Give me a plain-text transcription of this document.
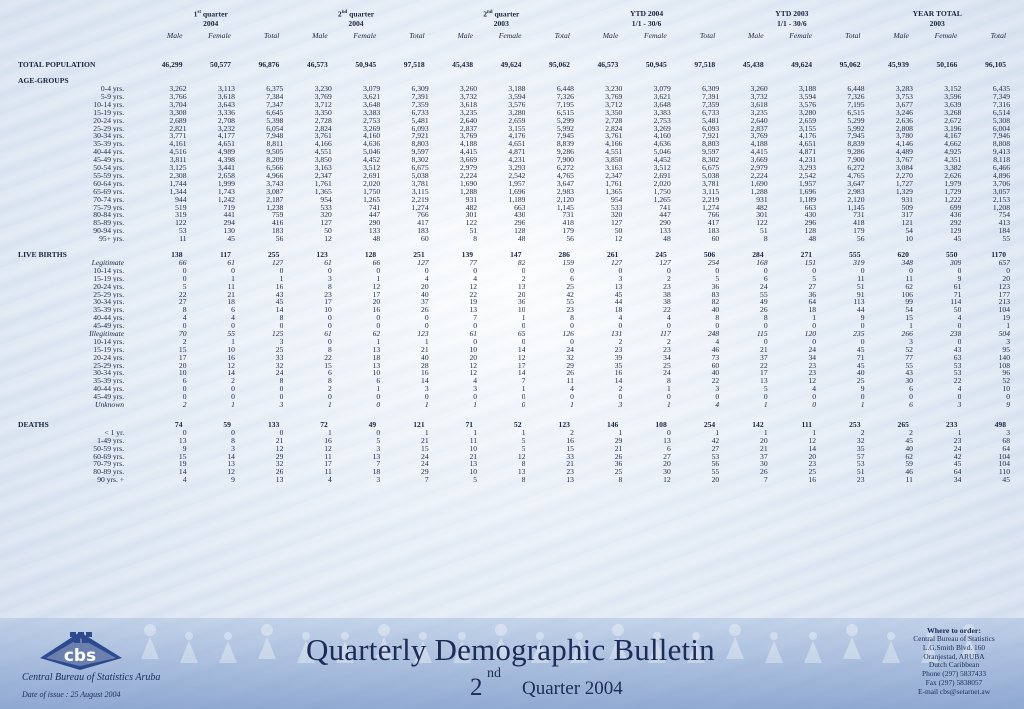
	1st quarter			2nd quarter			2nd quarter			YTD 2004			YTD 2003			YEAR TOTAL		
	2004			2004			2003			1/1 - 30/6			1/1 - 30/6			2003		
	Male	Female	Total	Male	Female	Total	Male	Female	Total	Male	Female	Total	Male	Female	Total	Male	Female	Total
TOTAL POPULATION	46,299	50,577	96,876	46,573	50,945	97,518	45,438	49,624	95,062	46,573	50,945	97,518	45,438	49,624	95,062	45,939	50,166	96,105
AGE-GROUPS																		
0-4 yrs.	3,262	3,113	6,375	3,230	3,079	6,309	3,260	3,188	6,448	3,230	3,079	6,309	3,260	3,188	6,448	3,283	3,152	6,435
5-9 yrs.	3,766	3,618	7,384	3,769	3,621	7,391	3,732	3,594	7,326	3,769	3,621	7,391	3,732	3,594	7,326	3,753	3,596	7,349
10-14 yrs.	3,704	3,643	7,347	3,712	3,648	7,359	3,618	3,576	7,195	3,712	3,648	7,359	3,618	3,576	7,195	3,677	3,639	7,316
15-19 yrs.	3,308	3,336	6,645	3,350	3,383	6,733	3,235	3,280	6,515	3,350	3,383	6,733	3,235	3,280	6,515	3,246	3,268	6,514
20-24 yrs.	2,689	2,708	5,398	2,728	2,753	5,481	2,640	2,659	5,299	2,728	2,753	5,481	2,640	2,659	5,299	2,636	2,672	5,308
25-29 yrs.	2,821	3,232	6,054	2,824	3,269	6,093	2,837	3,155	5,992	2,824	3,269	6,093	2,837	3,155	5,992	2,808	3,196	6,004
30-34 yrs.	3,771	4,177	7,948	3,761	4,160	7,921	3,769	4,176	7,945	3,761	4,160	7,921	3,769	4,176	7,945	3,780	4,167	7,946
35-39 yrs.	4,161	4,651	8,811	4,166	4,636	8,803	4,188	4,651	8,839	4,166	4,636	8,803	4,188	4,651	8,839	4,146	4,662	8,808
40-44 yrs.	4,516	4,989	9,505	4,551	5,046	9,597	4,415	4,871	9,286	4,551	5,046	9,597	4,415	4,871	9,286	4,489	4,925	9,413
45-49 yrs.	3,811	4,398	8,209	3,850	4,452	8,302	3,669	4,231	7,900	3,850	4,452	8,302	3,669	4,231	7,900	3,767	4,351	8,118
50-54 yrs.	3,125	3,441	6,566	3,163	3,512	6,675	2,979	3,293	6,272	3,163	3,512	6,675	2,979	3,293	6,272	3,084	3,382	6,466
55-59 yrs.	2,308	2,658	4,966	2,347	2,691	5,038	2,224	2,542	4,765	2,347	2,691	5,038	2,224	2,542	4,765	2,270	2,626	4,896
60-64 yrs.	1,744	1,999	3,743	1,761	2,020	3,781	1,690	1,957	3,647	1,761	2,020	3,781	1,690	1,957	3,647	1,727	1,979	3,706
65-69 yrs.	1,344	1,743	3,087	1,365	1,750	3,115	1,288	1,696	2,983	1,365	1,750	3,115	1,288	1,696	2,983	1,329	1,729	3,057
70-74 yrs.	944	1,242	2,187	954	1,265	2,219	931	1,189	2,120	954	1,265	2,219	931	1,189	2,120	931	1,222	2,153
75-79 yrs.	519	719	1,238	533	741	1,274	482	663	1,145	533	741	1,274	482	663	1,145	509	699	1,208
80-84 yrs.	319	441	759	320	447	766	301	430	731	320	447	766	301	430	731	317	436	754
85-89 yrs.	122	294	416	127	290	417	122	296	418	127	290	417	122	296	418	121	292	413
90-94 yrs.	53	130	183	50	133	183	51	128	179	50	133	183	51	128	179	54	129	184
95+ yrs.	11	45	56	12	48	60	8	48	56	12	48	60	8	48	56	10	45	55
LIVE BIRTHS	138	117	255	123	128	251	139	147	286	261	245	506	284	271	555	620	550	1170
Legitimate	66	61	127	61	66	127	77	82	159	127	127	254	168	151	319	348	309	657
10-14 yrs.	0	0	0	0	0	0	0	0	0	0	0	0	0	0	0	0	0	0
15-19 yrs.	0	1	1	3	1	4	4	2	6	3	2	5	6	5	11	11	9	20
20-24 yrs.	5	11	16	8	12	20	12	13	25	13	23	36	24	27	51	62	61	123
25-29 yrs.	22	21	43	23	17	40	22	20	42	45	38	83	55	36	91	106	71	177
30-34 yrs.	27	18	45	17	20	37	19	36	55	44	38	82	49	64	113	99	114	213
35-39 yrs.	8	6	14	10	16	26	13	10	23	18	22	40	26	18	44	54	50	104
40-44 yrs.	4	4	8	0	0	0	7	1	8	4	4	8	8	1	9	15	4	19
45-49 yrs.	0	0	0	0	0	0	0	0	0	0	0	0	0	0	0	1	0	1
Illegitimate	70	55	125	61	62	123	61	65	126	131	117	248	115	120	235	266	238	504
10-14 yrs.	2	1	3	0	1	1	0	0	0	2	2	4	0	0	0	3	0	3
15-19 yrs.	15	10	25	8	13	21	10	14	24	23	23	46	21	24	45	52	43	95
20-24 yrs.	17	16	33	22	18	40	20	12	32	39	34	73	37	34	71	77	63	140
25-29 yrs.	20	12	32	15	13	28	12	17	29	35	25	60	22	23	45	55	53	108
30-34 yrs.	10	14	24	6	10	16	12	14	26	16	24	40	17	23	40	43	53	96
35-39 yrs.	6	2	8	8	6	14	4	7	11	14	8	22	13	12	25	30	22	52
40-44 yrs.	0	0	0	2	1	3	3	1	4	2	1	3	5	4	9	6	4	10
45-49 yrs.	0	0	0	0	0	0	0	0	0	0	0	0	0	0	0	0	0	0
Unknown	2	1	3	1	0	1	1	0	1	3	1	4	1	0	1	6	3	9

DEATHS	74	59	133	72	49	121	71	52	123	146	108	254	142	111	253	265	233	498
< 1 yr.	0	0	0	1	0	1	1	1	2	1	0	1	1	1	2	2	1	3
1-49 yrs.	13	8	21	16	5	21	11	5	16	29	13	42	20	12	32	45	23	68
50-59 yrs.	9	3	12	12	3	15	10	5	15	21	6	27	21	14	35	40	24	64
60-69 yrs.	15	14	29	11	13	24	21	12	33	26	27	53	37	20	57	62	42	104
70-79 yrs.	19	13	32	17	7	24	13	8	21	36	20	56	30	23	53	59	45	104
80-89 yrs.	14	12	26	11	18	29	10	13	23	25	30	55	26	25	51	46	64	110
90 yrs. +	4	9	13	4	3	7	5	8	13	8	12	20	7	16	23	11	34	45
cbs
Central Bureau of Statistics Aruba
Date of issue : 25 August 2004
Quarterly Demographic Bulletin
2
nd
Quarter 2004
Where to order:
Central Bureau of Statistics
L.G.Smith Blvd. 160
Oranjestad, ARUBA
Dutch Caribbean
Phone (297) 5837433
Fax (297) 5838057
E-mail cbs@setarnet.aw
